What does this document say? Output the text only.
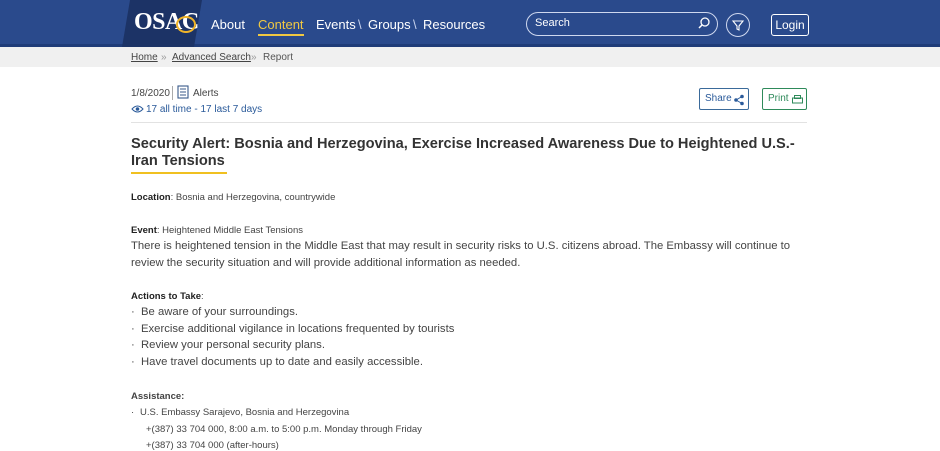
OSAC About Content Events \ Groups \ Resources	Search	Login
Home » Advanced Search » Report
1/8/2020 Alerts
17 all time - 17 last 7 days
Share	Print
Security Alert: Bosnia and Herzegovina, Exercise Increased Awareness Due to Heightened U.S.-Iran Tensions
Location: Bosnia and Herzegovina, countrywide
Event: Heightened Middle East Tensions
There is heightened tension in the Middle East that may result in security risks to U.S. citizens abroad. The Embassy will continue to review the security situation and will provide additional information as needed.
Actions to Take:
· Be aware of your surroundings.
· Exercise additional vigilance in locations frequented by tourists
· Review your personal security plans.
· Have travel documents up to date and easily accessible.
Assistance:
· U.S. Embassy Sarajevo, Bosnia and Herzegovina
+(387) 33 704 000, 8:00 a.m. to 5:00 p.m. Monday through Friday
+(387) 33 704 000 (after-hours)
